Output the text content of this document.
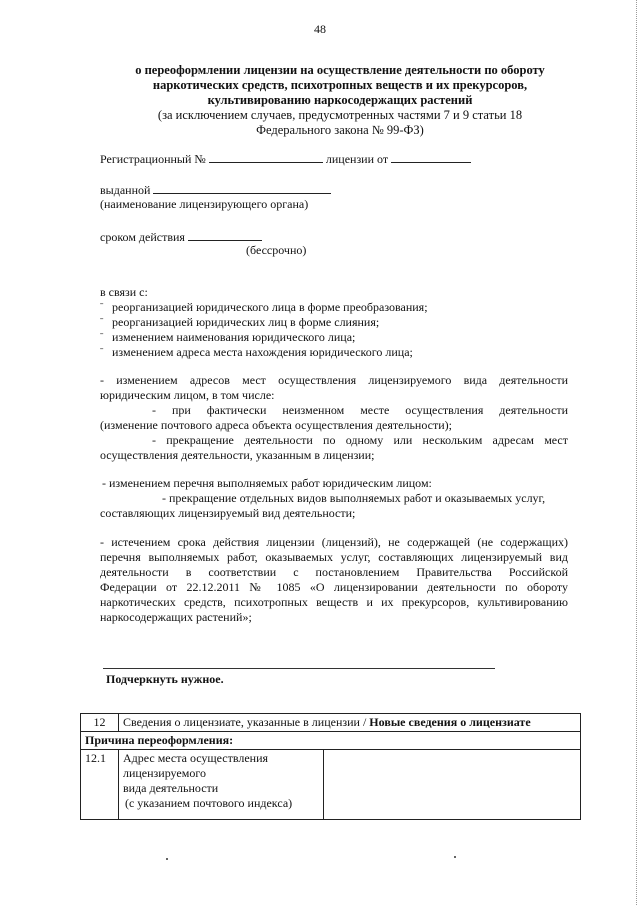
48
о переоформлении лицензии на осуществление деятельности по обороту
наркотических средств, психотропных веществ и их прекурсоров,
культивированию наркосодержащих растений
(за исключением случаев, предусмотренных частями 7 и 9 статьи 18
Федерального закона № 99-ФЗ)
Регистрационный №	лицензии от
выданной
(наименование лицензирующего органа)
сроком действия
(бессрочно)
в связи с:
ˉ реорганизацией юридического лица в форме преобразования;
ˉ реорганизацией юридических лиц в форме слияния;
ˉ изменением наименования юридического лица;
ˉ изменением адреса места нахождения юридического лица;
- изменением адресов мест осуществления лицензируемого вида деятельности
юридическим лицом, в том числе:
- при фактически неизменном месте осуществления деятельности
(изменение почтового адреса объекта осуществления деятельности);
- прекращение деятельности по одному или нескольким адресам мест
осуществления деятельности, указанным в лицензии;
- изменением перечня выполняемых работ юридическим лицом:
- прекращение отдельных видов выполняемых работ и оказываемых услуг,
составляющих лицензируемый вид деятельности;
- истечением срока действия лицензии (лицензий), не содержащей (не содержащих)
перечня выполняемых работ, оказываемых услуг, составляющих лицензируемый вид
деятельности в соответствии с постановлением Правительства Российской
Федерации от 22.12.2011 № 1085 «О лицензировании деятельности по обороту
наркотических средств, психотропных веществ и их прекурсоров, культивированию
наркосодержащих растений»;
Подчеркнуть нужное.
12	Сведения о лицензиате, указанные в лицензии / Новые сведения о лицензиате	
Причина переоформления:		
12.1	Адрес места осуществления лицензируемого
вида деятельности
(с указанием почтового индекса)	
